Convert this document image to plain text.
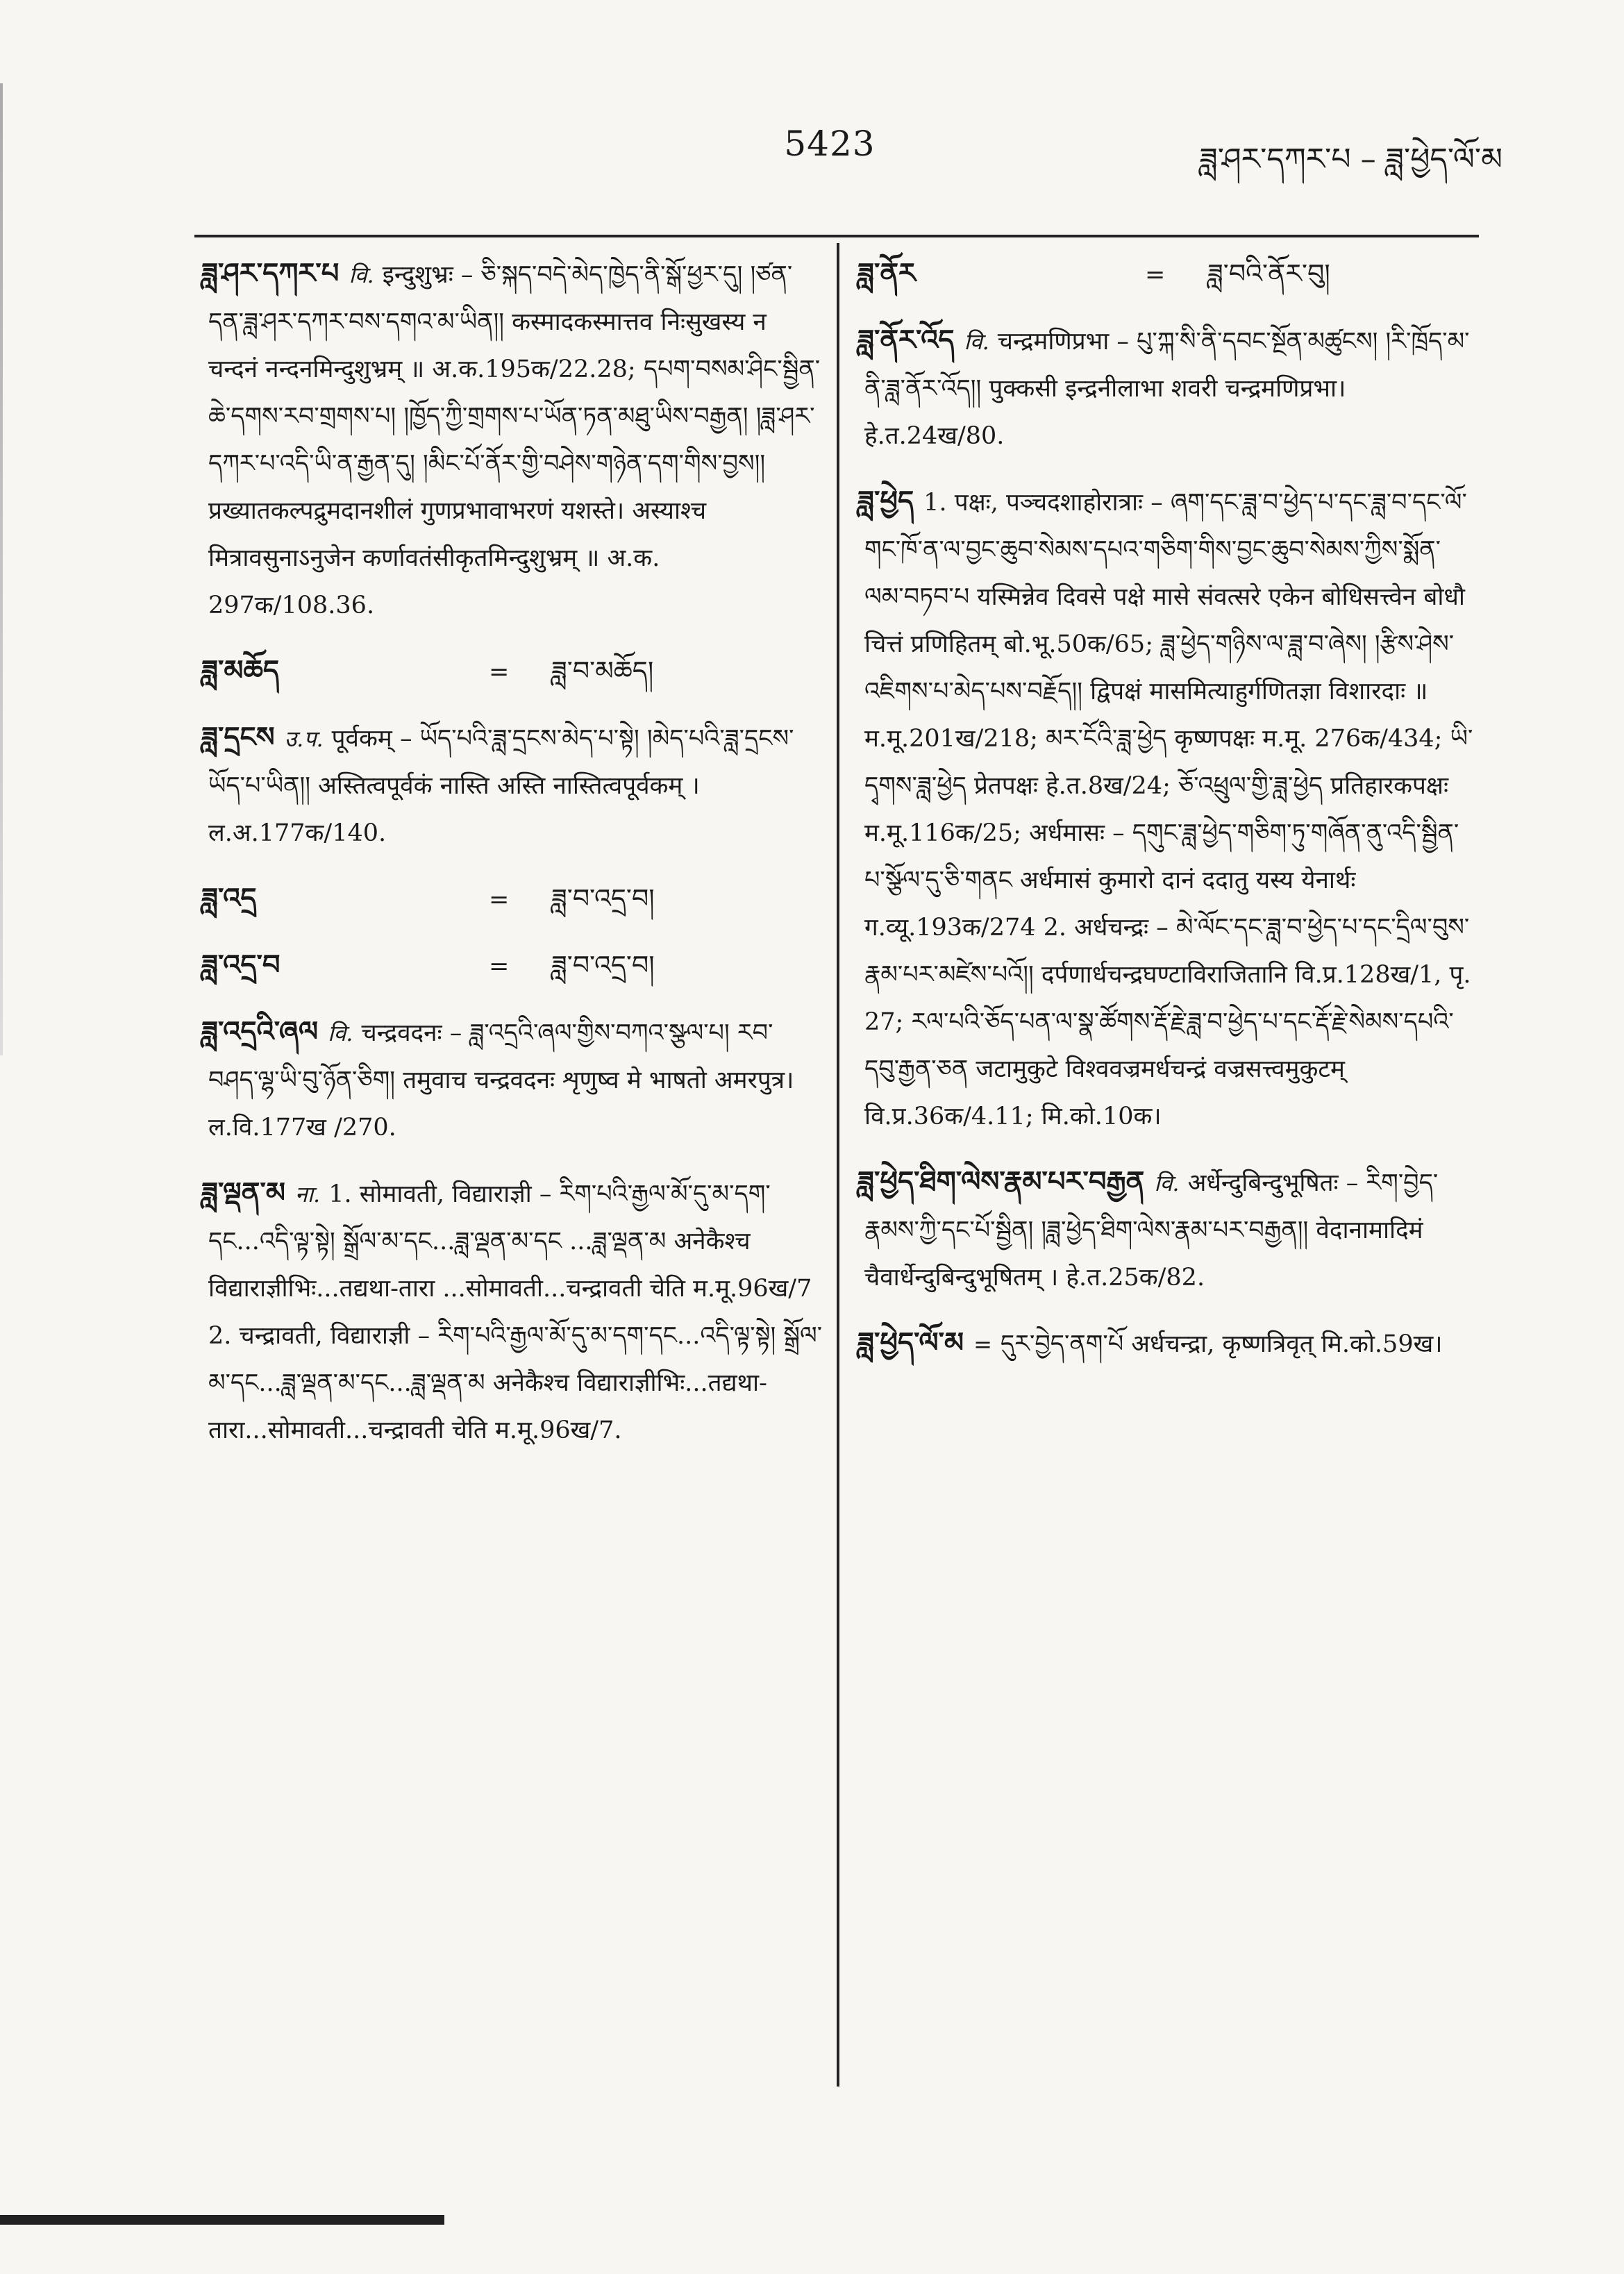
5423	ཟླ་ཤར་དཀར་པ – ཟླ་ཕྱེད་ལོ་མ
ཟླ་ཤར་དཀར་པ वि. इन्दुशुभ्रः – ཅི་སྐད་བདེ་མེད་ཁྱེད་ནི་སྒོ་ཕྱར་དུ། །ཙན་དན་ཟླ་ཤར་དཀར་བས་དགའ་མ་ཡིན།། कस्मादकस्मात्तव निःसुखस्य न चन्दनं नन्दनमिन्दुशुभ्रम् ॥ अ.क.195क/22.28; དཔག་བསམ་ཤིང་སྦྱིན་ཆེ་དགས་རབ་གྲགས་པ། །ཁྱོད་ཀྱི་གྲགས་པ་ཡོན་ཏན་མཐུ་ཡིས་བརྒྱན། །ཟླ་ཤར་དཀར་པ་འདི་ཡི་ན་རྒྱན་དུ། །མིང་པོ་ནོར་གྱི་བཤེས་གཉེན་དག་གིས་བྱས།། प्रख्यातकल्पद्रुमदानशीलं गुणप्रभावाभरणं यशस्ते। अस्याश्च मित्रावसुनाऽनुजेन कर्णावतंसीकृतमिन्दुशुभ्रम् ॥ अ.क. 297क/108.36.
ཟླ་མཆོད	=	ཟླ་བ་མཆོད།
ཟླ་དྲངས उ.प. पूर्वकम् – ཡོད་པའི་ཟླ་དྲངས་མེད་པ་སྟེ། །མེད་པའི་ཟླ་དྲངས་ཡོད་པ་ཡིན།། अस्तित्वपूर्वकं नास्ति अस्ति नास्तित्वपूर्वकम् । ल.अ.177क/140.
ཟླ་འདྲ	=	ཟླ་བ་འདྲ་བ།
ཟླ་འདྲ་བ	=	ཟླ་བ་འདྲ་བ།
ཟླ་འདྲའི་ཞལ वि. चन्द्रवदनः – ཟླ་འདྲའི་ཞལ་གྱིས་བཀའ་སྩལ་པ། རབ་བཤད་ལྷ་ཡི་བུ་ཉོན་ཅིག། तमुवाच चन्द्रवदनः शृणुष्व मे भाषतो अमरपुत्र। ल.वि.177ख /270.
ཟླ་ལྡན་མ ना. 1. सोमावती, विद्याराज्ञी – རིག་པའི་རྒྱལ་མོ་དུ་མ་དག་དང...འདི་ལྟ་སྟེ། སྒྲོལ་མ་དང...ཟླ་ལྡན་མ་དང ...ཟླ་ལྡན་མ अनेकैश्च विद्याराज्ञीभिः...तद्यथा-तारा ...सोमावती...चन्द्रावती चेति म.मू.96ख/7 2. चन्द्रावती, विद्याराज्ञी – རིག་པའི་རྒྱལ་མོ་དུ་མ་དག་དང...འདི་ལྟ་སྟེ། སྒྲོལ་མ་དང...ཟླ་ལྡན་མ་དང...ཟླ་ལྡན་མ अनेकैश्च विद्याराज्ञीभिः...तद्यथा-तारा...सोमावती...चन्द्रावती चेति म.मू.96ख/7.
ཟླ་ནོར	=	ཟླ་བའི་ནོར་བུ།
ཟླ་ནོར་འོད वि. चन्द्रमणिप्रभा – པུ་ཀྐ་སི་ནི་དབང་སྔོན་མཚུངས། །རི་ཁྲོད་མ་ནི་ཟླ་ནོར་འོད།། पुक्कसी इन्द्रनीलाभा शवरी चन्द्रमणिप्रभा। हे.त.24ख/80.
ཟླ་ཕྱེད 1. पक्षः, पञ्चदशाहोरात्राः – ཞག་དང་ཟླ་བ་ཕྱེད་པ་དང་ཟླ་བ་དང་ལོ་གང་ཁོ་ན་ལ་བྱང་ཆུབ་སེམས་དཔའ་གཅིག་གིས་བྱང་ཆུབ་སེམས་ཀྱིས་སྨོན་ལམ་བཏབ་པ यस्मिन्नेव दिवसे पक्षे मासे संवत्सरे एकेन बोधिसत्त्वेन बोधौ चित्तं प्रणिहितम् बो.भू.50क/65; ཟླ་ཕྱེད་གཉིས་ལ་ཟླ་བ་ཞེས། །རྩིས་ཤེས་འཇིགས་པ་མེད་པས་བརྗོད།། द्विपक्षं मासमित्याहुर्गणितज्ञा विशारदाः ॥ म.मू.201ख/218; མར་ངོའི་ཟླ་ཕྱེད कृष्णपक्षः म.मू. 276क/434; ཡི་དྭགས་ཟླ་ཕྱེད प्रेतपक्षः हे.त.8ख/24; ཅོ་འཕྲུལ་གྱི་ཟླ་ཕྱེད प्रतिहारकपक्षः म.मू.116क/25; अर्धमासः – དགུང་ཟླ་ཕྱེད་གཅིག་ཏུ་གཞོན་ནུ་འདི་སྦྱིན་པ་སྩོལ་དུ་ཅི་གནང अर्धमासं कुमारो दानं ददातु यस्य येनार्थः ग.व्यू.193क/274 2. अर्धचन्द्रः – མེ་ལོང་དང་ཟླ་བ་ཕྱེད་པ་དང་དྲིལ་བུས་རྣམ་པར་མཛེས་པའོ།། दर्पणार्धचन्द्रघण्टाविराजितानि वि.प्र.128ख/1, पृ. 27; རལ་པའི་ཅོད་པན་ལ་སྣ་ཚོགས་རྡོ་རྗེ་ཟླ་བ་ཕྱེད་པ་དང་རྡོ་རྗེ་སེམས་དཔའི་དབུ་རྒྱན་ཅན जटामुकुटे विश्ववज्रमर्धचन्द्रं वज्रसत्त्वमुकुटम् वि.प्र.36क/4.11; मि.को.10क।
ཟླ་ཕྱེད་ཐིག་ལེས་རྣམ་པར་བརྒྱན वि. अर्धेन्दुबिन्दुभूषितः – རིག་བྱེད་རྣམས་ཀྱི་དང་པོ་སྦྱིན། །ཟླ་ཕྱེད་ཐིག་ལེས་རྣམ་པར་བརྒྱན།། वेदानामादिमं चैवार्धेन्दुबिन्दुभूषितम् । हे.त.25क/82.
ཟླ་ཕྱེད་ལོ་མ = དུར་བྱེད་ནག་པོ अर्धचन्द्रा, कृष्णत्रिवृत् मि.को.59ख।
